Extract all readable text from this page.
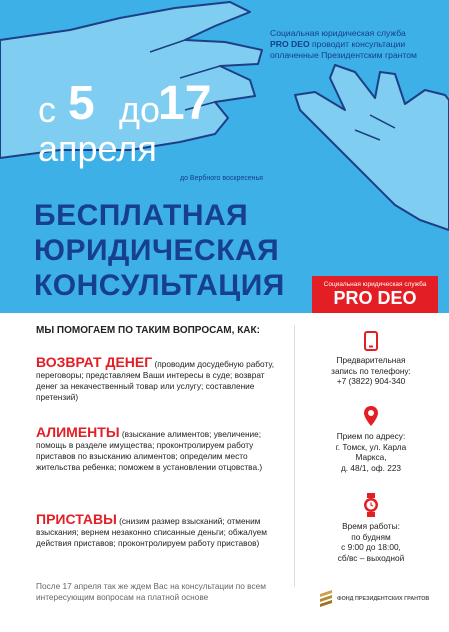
Социальная юридическая служба
PRO DEO проводит консультации
оплаченные Президентским грантом
с 5 до
17
апреля
до Вербного воскресенья
БЕСПЛАТНАЯ
ЮРИДИЧЕСКАЯ
КОНСУЛЬТАЦИЯ	Социальная юридическая служба
PRO DEO
МЫ ПОМОГАЕМ ПО ТАКИМ ВОПРОСАМ, КАК:
ВОЗВРАТ ДЕНЕГ (проводим досудебную работу, переговоры; представляем Ваши интересы в суде; возврат денег за некачественный товар или услугу; составление претензий)
АЛИМЕНТЫ (взыскание алиментов; увеличение; помощь в разделе имущества; проконтролируем работу приставов по взысканию алиментов; определим место жительства ребенка; поможем в установлении отцовства.)
ПРИСТАВЫ (снизим размер взысканий; отменим взыскания; вернем незаконно списанные деньги; обжалуем действия приставов; проконтролируем работу приставов)
После 17 апреля так же ждем Вас на консультации по всем интересующим вопросам на платной основе
Предварительная
запись по телефону:
+7 (3822) 904-340
Прием по адресу:
г. Томск, ул. Карла
Маркса,
д. 48/1, оф. 223
Время работы:
по будням
с 9:00 до 18:00,
сб/вс – выходной
ФОНД ПРЕЗИДЕНТСКИХ ГРАНТОВ
